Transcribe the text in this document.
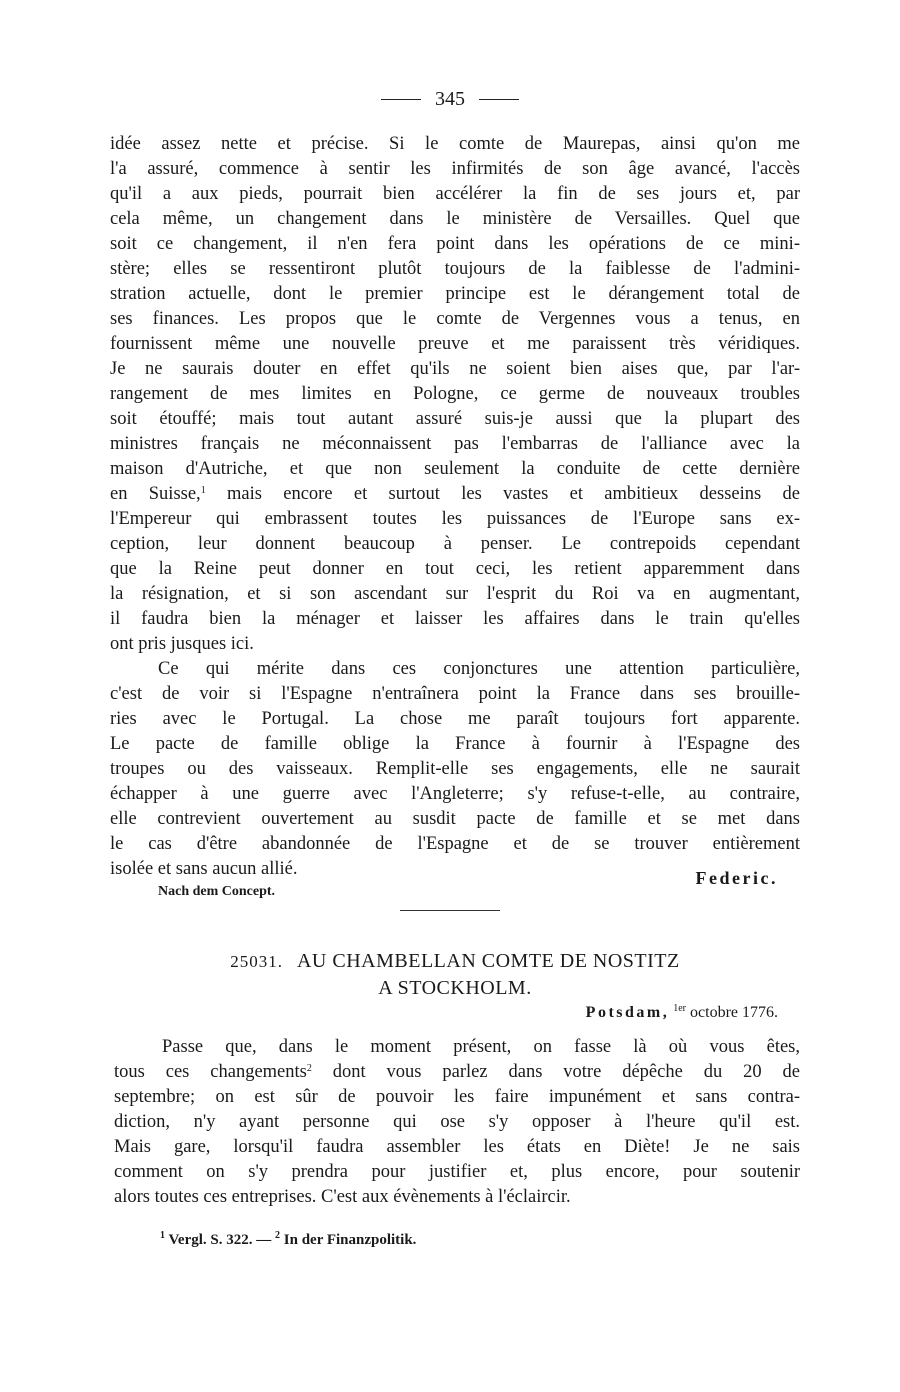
345
idée assez nette et précise. Si le comte de Maurepas, ainsi qu'on me
l'a assuré, commence à sentir les infirmités de son âge avancé, l'accès
qu'il a aux pieds, pourrait bien accélérer la fin de ses jours et, par
cela même, un changement dans le ministère de Versailles. Quel que
soit ce changement, il n'en fera point dans les opérations de ce mini-
stère; elles se ressentiront plutôt toujours de la faiblesse de l'admini-
stration actuelle, dont le premier principe est le dérangement total de
ses finances. Les propos que le comte de Vergennes vous a tenus, en
fournissent même une nouvelle preuve et me paraissent très véridiques.
Je ne saurais douter en effet qu'ils ne soient bien aises que, par l'ar-
rangement de mes limites en Pologne, ce germe de nouveaux troubles
soit étouffé; mais tout autant assuré suis-je aussi que la plupart des
ministres français ne méconnaissent pas l'embarras de l'alliance avec la
maison d'Autriche, et que non seulement la conduite de cette dernière
en Suisse,$^1$ mais encore et surtout les vastes et ambitieux desseins de
l'Empereur qui embrassent toutes les puissances de l'Europe sans ex-
ception, leur donnent beaucoup à penser. Le contrepoids cependant
que la Reine peut donner en tout ceci, les retient apparemment dans
la résignation, et si son ascendant sur l'esprit du Roi va en augmentant,
il faudra bien la ménager et laisser les affaires dans le train qu'elles
ont pris jusques ici.
Ce qui mérite dans ces conjonctures une attention particulière,
c'est de voir si l'Espagne n'entraînera point la France dans ses brouille-
ries avec le Portugal. La chose me paraît toujours fort apparente.
Le pacte de famille oblige la France à fournir à l'Espagne des
troupes ou des vaisseaux. Remplit-elle ses engagements, elle ne saurait
échapper à une guerre avec l'Angleterre; s'y refuse-t-elle, au contraire,
elle contrevient ouvertement au susdit pacte de famille et se met dans
le cas d'être abandonnée de l'Espagne et de se trouver entièrement
isolée et sans aucun allié.
Nach dem Concept.
Federic.
25031. AU CHAMBELLAN COMTE DE NOSTITZ
A STOCKHOLM.
Potsdam, $^{1er}$ octobre 1776.
Passe que, dans le moment présent, on fasse là où vous êtes,
tous ces changements$^2$ dont vous parlez dans votre dépêche du 20 de
septembre; on est sûr de pouvoir les faire impunément et sans contra-
diction, n'y ayant personne qui ose s'y opposer à l'heure qu'il est.
Mais gare, lorsqu'il faudra assembler les états en Diète! Je ne sais
comment on s'y prendra pour justifier et, plus encore, pour soutenir
alors toutes ces entreprises. C'est aux évènements à l'éclaircir.
$^1$ Vergl. S. 322. — $^2$ In der Finanzpolitik.
